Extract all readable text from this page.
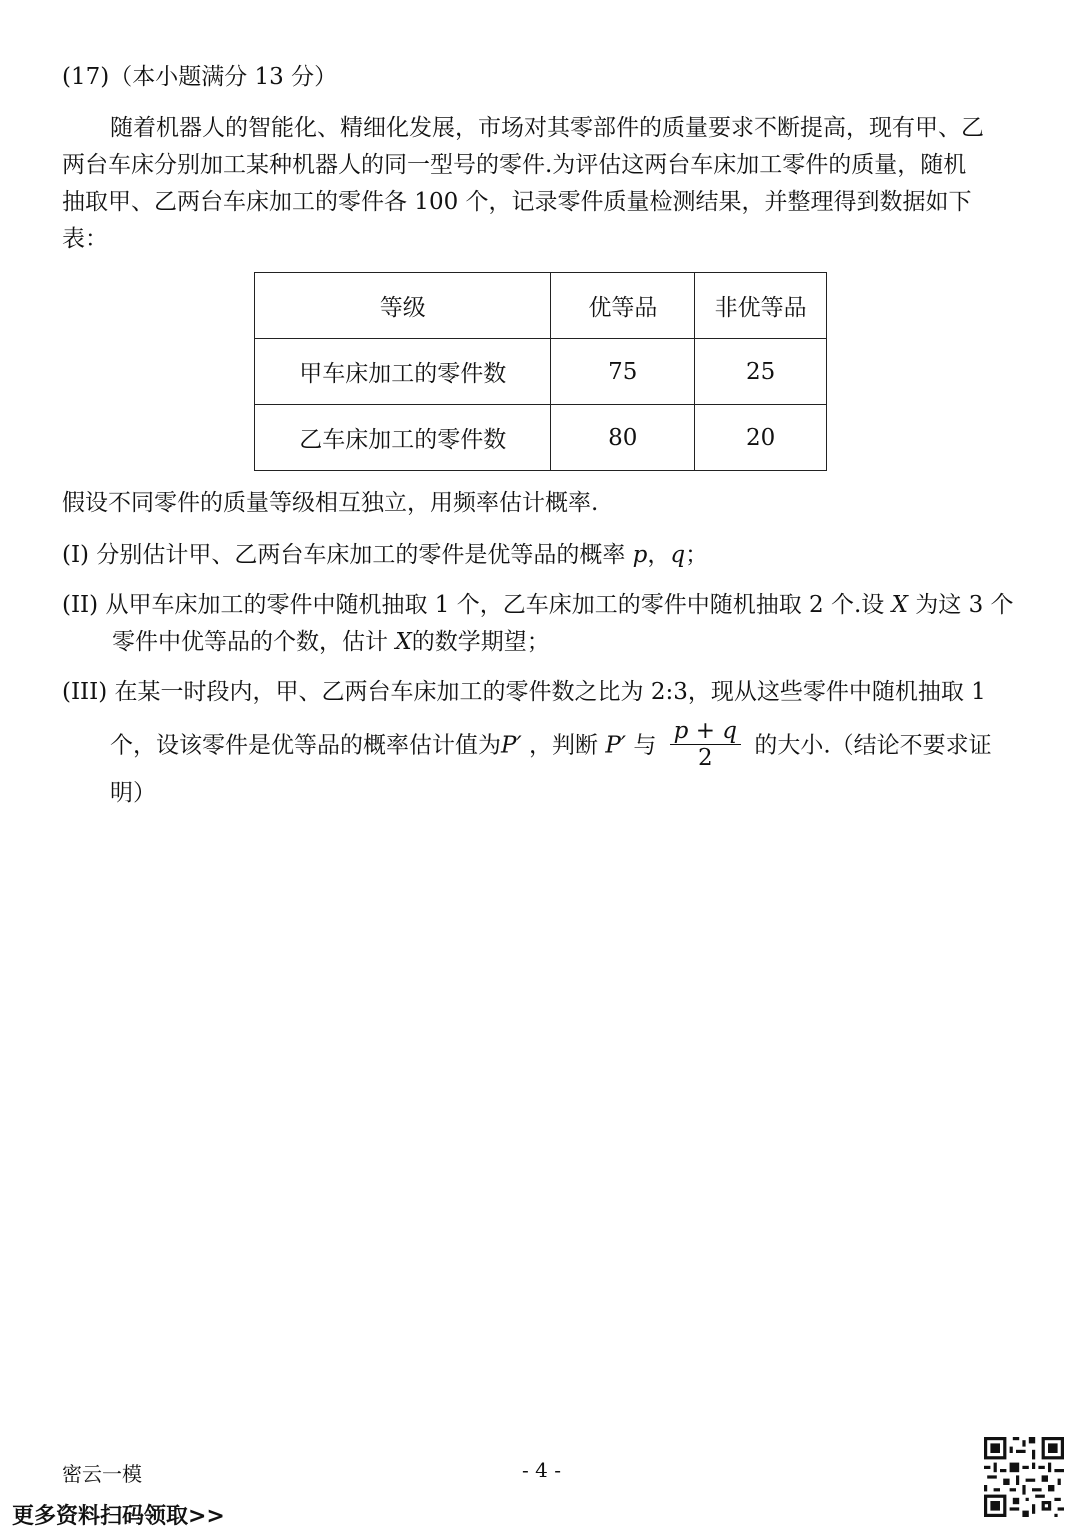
(17)（本小题满分 13 分）
随着机器人的智能化、精细化发展，市场对其零部件的质量要求不断提高，现有甲、乙
两台车床分别加工某种机器人的同一型号的零件.为评估这两台车床加工零件的质量，随机
抽取甲、乙两台车床加工的零件各 100 个，记录零件质量检测结果，并整理得到数据如下
表：
等级	优等品	非优等品
甲车床加工的零件数	75	25
乙车床加工的零件数	80	20
假设不同零件的质量等级相互独立，用频率估计概率.
(I) 分别估计甲、乙两台车床加工的零件是优等品的概率 p，q；
(II) 从甲车床加工的零件中随机抽取 1 个，乙车床加工的零件中随机抽取 2 个.设 X 为这 3 个
零件中优等品的个数，估计 X的数学期望；
(III) 在某一时段内，甲、乙两台车床加工的零件数之比为 2:3，现从这些零件中随机抽取 1
个，设该零件是优等品的概率估计值为P′ ，判断 P′ 与 $\frac{p + q}{2}$ 的大小.（结论不要求证
明）
密云一模	- 4 -
更多资料扫码领取>>
